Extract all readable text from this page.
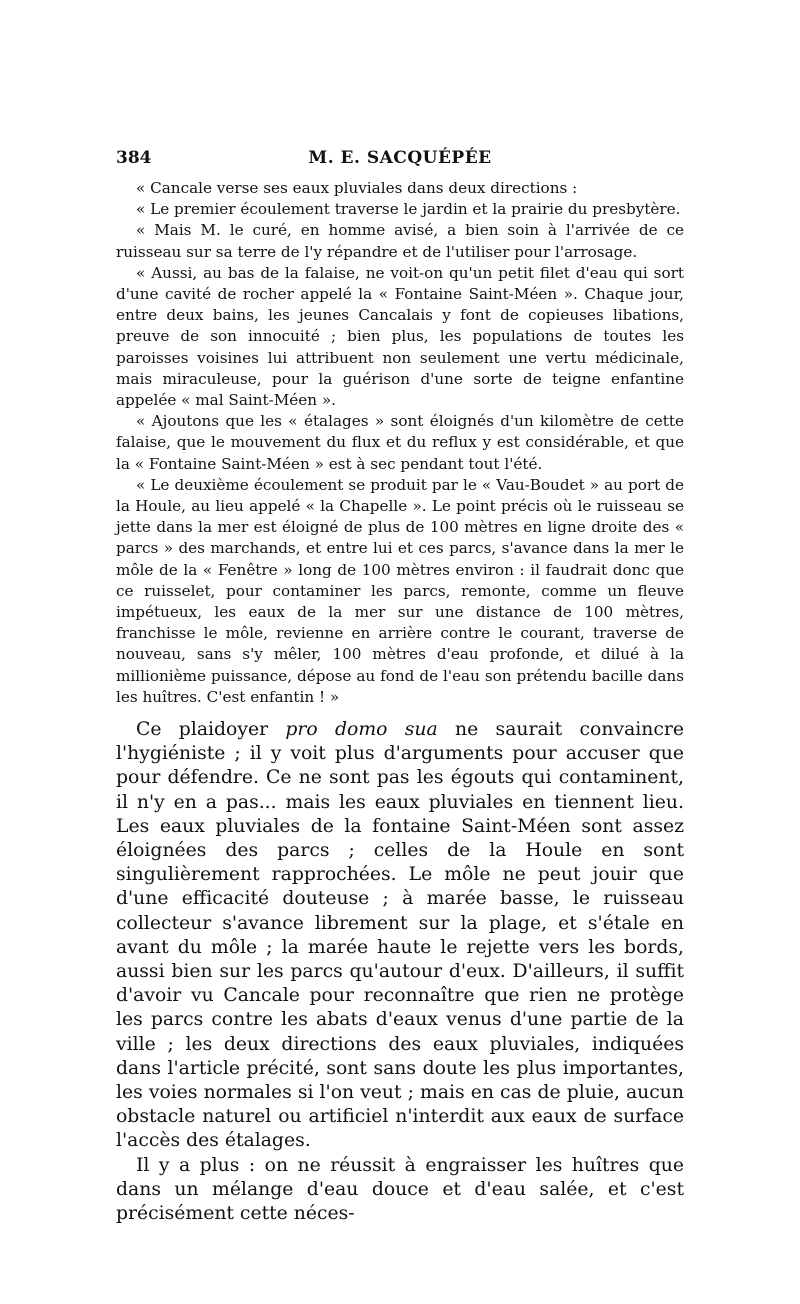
384	M. E. SACQUÉPÉE

« Cancale verse ses eaux pluviales dans deux directions :

« Le premier écoulement traverse le jardin et la prairie du presbytère.

« Mais M. le curé, en homme avisé, a bien soin à l'arrivée de ce ruisseau sur sa terre de l'y répandre et de l'utiliser pour l'arrosage.

« Aussi, au bas de la falaise, ne voit-on qu'un petit filet d'eau qui sort d'une cavité de rocher appelé la « Fontaine Saint-Méen ». Chaque jour, entre deux bains, les jeunes Cancalais y font de copieuses libations, preuve de son innocuité ; bien plus, les populations de toutes les paroisses voisines lui attribuent non seulement une vertu médicinale, mais miraculeuse, pour la guérison d'une sorte de teigne enfantine appelée « mal Saint-Méen ».

« Ajoutons que les « étalages » sont éloignés d'un kilomètre de cette falaise, que le mouvement du flux et du reflux y est considérable, et que la « Fontaine Saint-Méen » est à sec pendant tout l'été.

« Le deuxième écoulement se produit par le « Vau-Boudet » au port de la Houle, au lieu appelé « la Chapelle ». Le point précis où le ruisseau se jette dans la mer est éloigné de plus de 100 mètres en ligne droite des « parcs » des marchands, et entre lui et ces parcs, s'avance dans la mer le môle de la « Fenêtre » long de 100 mètres environ : il faudrait donc que ce ruisselet, pour contaminer les parcs, remonte, comme un fleuve impétueux, les eaux de la mer sur une distance de 100 mètres, franchisse le môle, revienne en arrière contre le courant, traverse de nouveau, sans s'y mêler, 100 mètres d'eau profonde, et dilué à la millionième puissance, dépose au fond de l'eau son prétendu bacille dans les huîtres. C'est enfantin ! »

Ce plaidoyer pro domo sua ne saurait convaincre l'hygiéniste ; il y voit plus d'arguments pour accuser que pour défendre. Ce ne sont pas les égouts qui contaminent, il n'y en a pas... mais les eaux pluviales en tiennent lieu. Les eaux pluviales de la fontaine Saint-Méen sont assez éloignées des parcs ; celles de la Houle en sont singulièrement rapprochées. Le môle ne peut jouir que d'une efficacité douteuse ; à marée basse, le ruisseau collecteur s'avance librement sur la plage, et s'étale en avant du môle ; la marée haute le rejette vers les bords, aussi bien sur les parcs qu'autour d'eux. D'ailleurs, il suffit d'avoir vu Cancale pour reconnaître que rien ne protège les parcs contre les abats d'eaux venus d'une partie de la ville ; les deux directions des eaux pluviales, indiquées dans l'article précité, sont sans doute les plus importantes, les voies normales si l'on veut ; mais en cas de pluie, aucun obstacle naturel ou artificiel n'interdit aux eaux de surface l'accès des étalages.

Il y a plus : on ne réussit à engraisser les huîtres que dans un mélange d'eau douce et d'eau salée, et c'est précisément cette néces-
